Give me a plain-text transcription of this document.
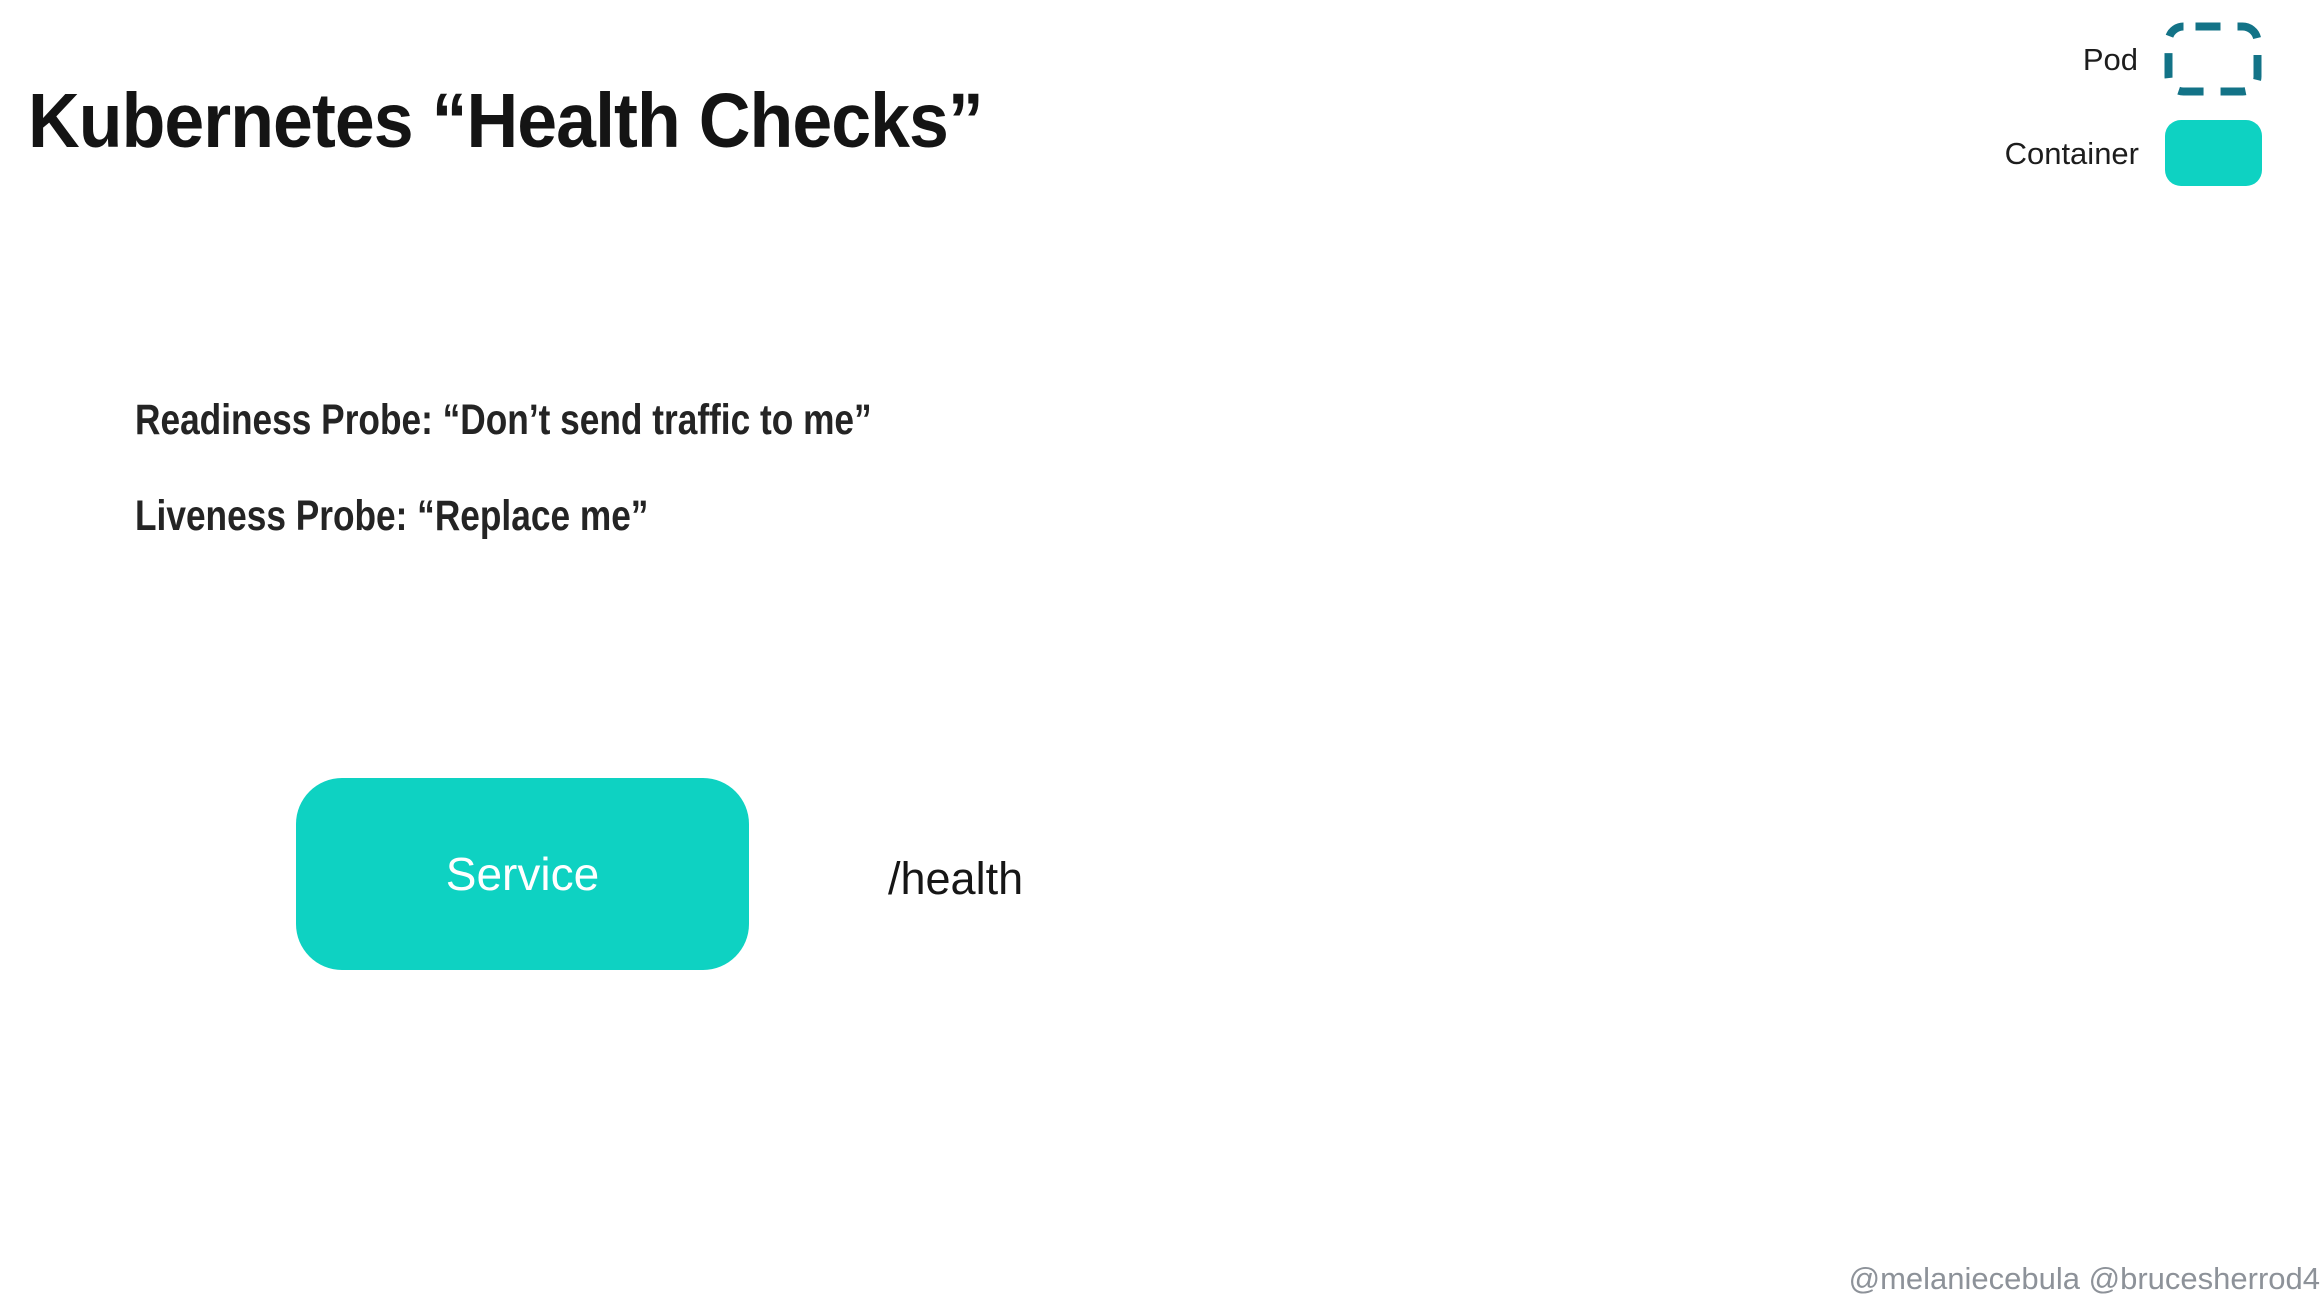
Kubernetes “Health Checks”
Pod
Container

Readiness Probe: “Don’t send traffic to me”

Liveness Probe: “Replace me”

Service	/health
@melaniecebula @brucesherrod4
